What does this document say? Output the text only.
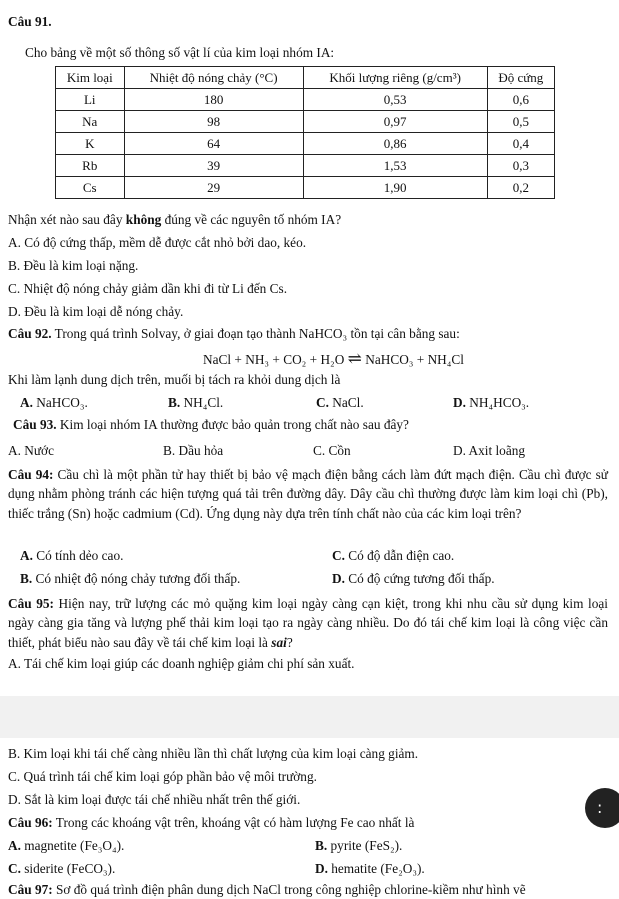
Câu 91.
Cho bảng về một số thông số vật lí của kim loại nhóm IA:
Kim loại	Nhiệt độ nóng chảy (°C)	Khối lượng riêng (g/cm³)	Độ cứng
Li	180	0,53	0,6
Na	98	0,97	0,5
K	64	0,86	0,4
Rb	39	1,53	0,3
Cs	29	1,90	0,2
Nhận xét nào sau đây không đúng về các nguyên tố nhóm IA?
A. Có độ cứng thấp, mềm dễ được cắt nhỏ bởi dao, kéo.
B. Đều là kim loại nặng.
C. Nhiệt độ nóng chảy giảm dần khi đi từ Li đến Cs.
D. Đều là kim loại dễ nóng chảy.
Câu 92. Trong quá trình Solvay, ở giai đoạn tạo thành NaHCO₃ tồn tại cân bằng sau:
NaCl + NH₃ + CO₂ + H₂O ⇌ NaHCO₃ + NH₄Cl
Khi làm lạnh dung dịch trên, muối bị tách ra khỏi dung dịch là
A. NaHCO₃.	B. NH₄Cl.	C. NaCl.	D. NH₄HCO₃.
Câu 93. Kim loại nhóm IA thường được bảo quản trong chất nào sau đây?
A. Nước	B. Dầu hỏa	C. Cồn	D. Axit loãng
Câu 94: Cầu chì là một phần tử hay thiết bị bảo vệ mạch điện bằng cách làm đứt mạch điện. Cầu chì được sử dụng nhằm phòng tránh các hiện tượng quá tải trên đường dây. Dây cầu chì thường được làm kim loại chì (Pb), thiếc trắng (Sn) hoặc cadmium (Cd). Ứng dụng này dựa trên tính chất nào của các kim loại trên?
A. Có tính dẻo cao.	C. Có độ dẫn điện cao.
B. Có nhiệt độ nóng chảy tương đối thấp.	D. Có độ cứng tương đối thấp.
Câu 95: Hiện nay, trữ lượng các mỏ quặng kim loại ngày càng cạn kiệt, trong khi nhu cầu sử dụng kim loại ngày càng gia tăng và lượng phế thải kim loại tạo ra ngày càng nhiều. Do đó tái chế kim loại là công việc cần thiết, phát biểu nào sau đây về tái chế kim loại là sai?
A. Tái chế kim loại giúp các doanh nghiệp giảm chi phí sản xuất.
B. Kim loại khi tái chế càng nhiều lần thì chất lượng của kim loại càng giảm.
C. Quá trình tái chế kim loại góp phần bảo vệ môi trường.
D. Sắt là kim loại được tái chế nhiều nhất trên thế giới.
Câu 96: Trong các khoáng vật trên, khoáng vật có hàm lượng Fe cao nhất là
A. magnetite (Fe₃O₄).	B. pyrite (FeS₂).
C. siderite (FeCO₃).	D. hematite (Fe₂O₃).
Câu 97: Sơ đồ quá trình điện phân dung dịch NaCl trong công nghiệp chlorine-kiềm như hình vẽ
:
